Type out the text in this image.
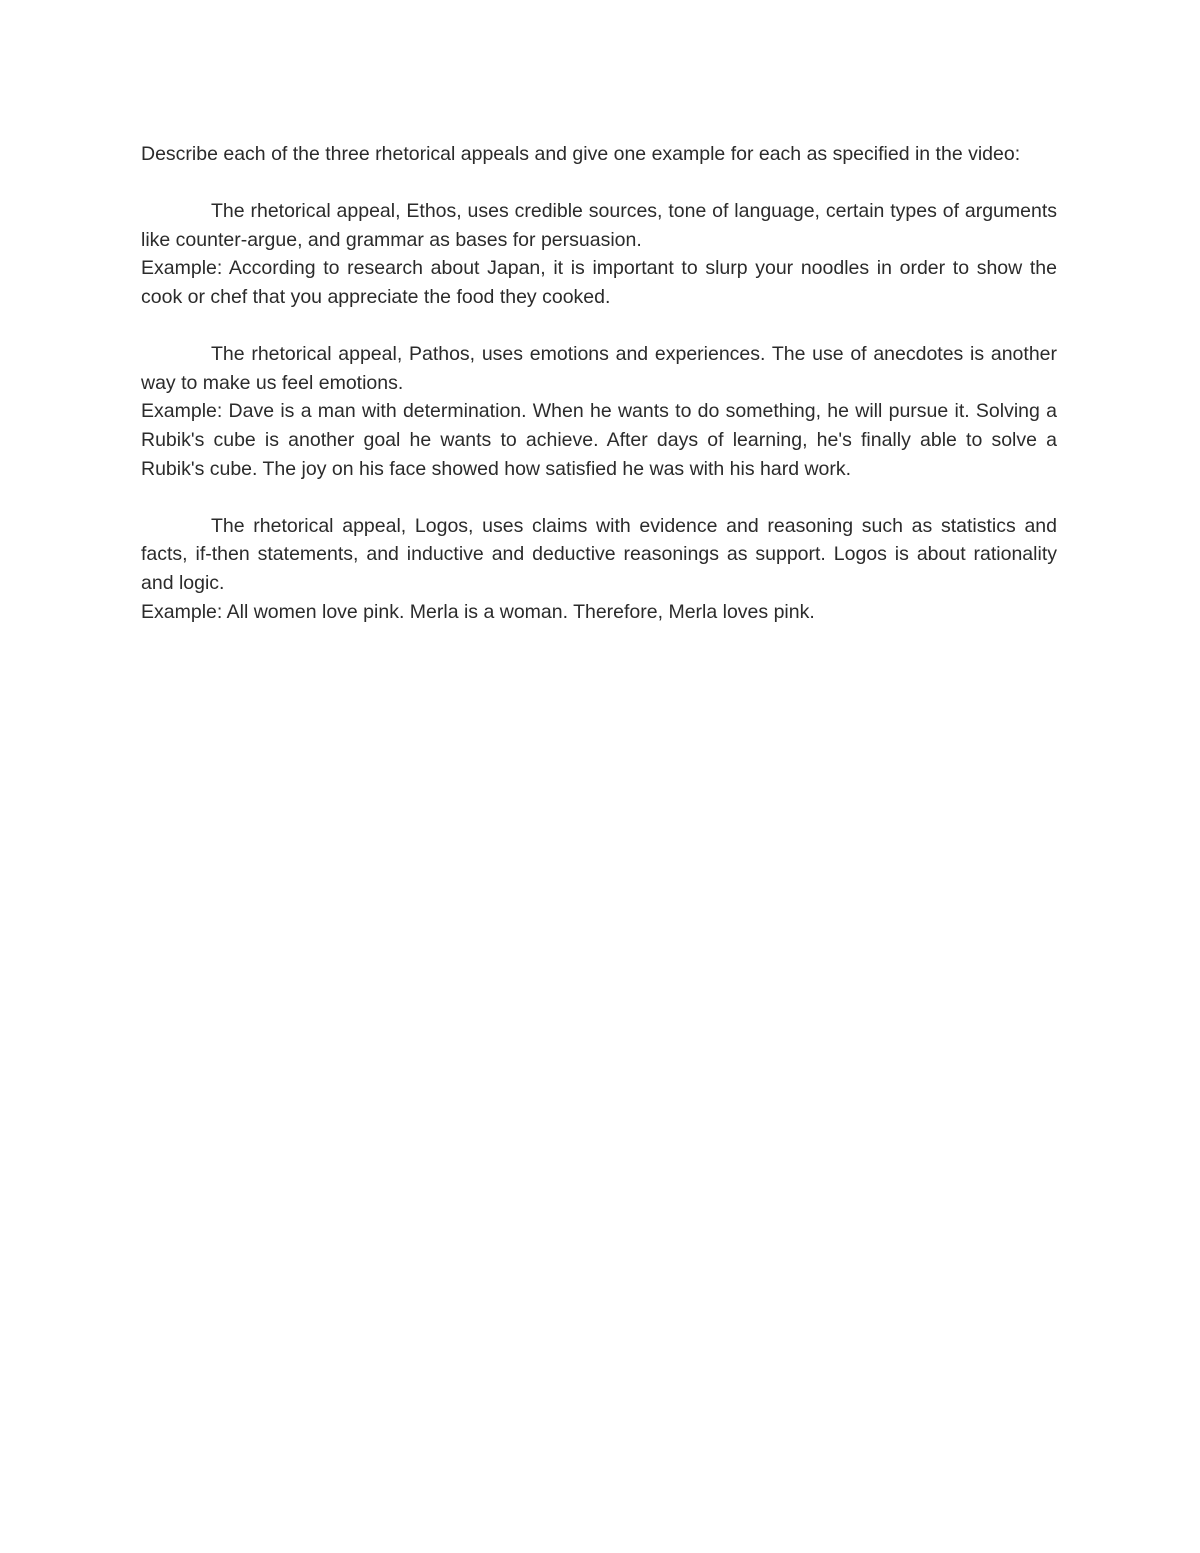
Describe each of the three rhetorical appeals and give one example for each as specified in the video:

The rhetorical appeal, Ethos, uses credible sources, tone of language, certain types of arguments like counter-argue, and grammar as bases for persuasion.

Example: According to research about Japan, it is important to slurp your noodles in order to show the cook or chef that you appreciate the food they cooked.

The rhetorical appeal, Pathos, uses emotions and experiences. The use of anecdotes is another way to make us feel emotions.

Example: Dave is a man with determination. When he wants to do something, he will pursue it. Solving a Rubik's cube is another goal he wants to achieve. After days of learning, he's finally able to solve a Rubik's cube. The joy on his face showed how satisfied he was with his hard work.

The rhetorical appeal, Logos, uses claims with evidence and reasoning such as statistics and facts, if-then statements, and inductive and deductive reasonings as support. Logos is about rationality and logic.

Example: All women love pink. Merla is a woman. Therefore, Merla loves pink.
